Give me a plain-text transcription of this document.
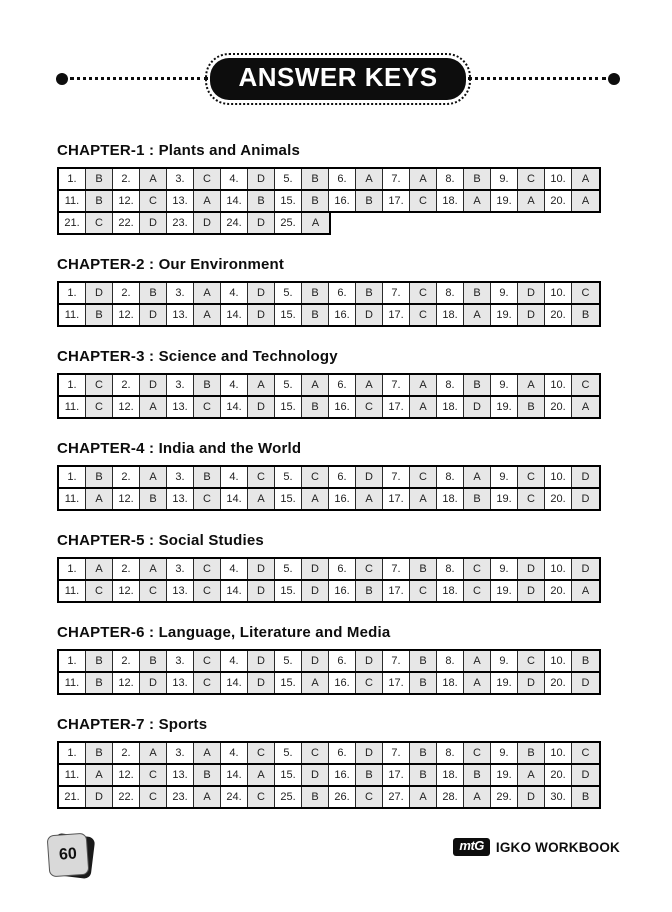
ANSWER KEYS
CHAPTER-1 : Plants and Animals
1.	B	2.	A	3.	C	4.	D	5.	B	6.	A	7.	A	8.	B	9.	C	10.	A
11.	B	12.	C	13.	A	14.	B	15.	B	16.	B	17.	C	18.	A	19.	A	20.	A
21.	C	22.	D	23.	D	24.	D	25.	A
CHAPTER-2 : Our Environment
1.	D	2.	B	3.	A	4.	D	5.	B	6.	B	7.	C	8.	B	9.	D	10.	C
11.	B	12.	D	13.	A	14.	D	15.	B	16.	D	17.	C	18.	A	19.	D	20.	B
CHAPTER-3 : Science and Technology
1.	C	2.	D	3.	B	4.	A	5.	A	6.	A	7.	A	8.	B	9.	A	10.	C
11.	C	12.	A	13.	C	14.	D	15.	B	16.	C	17.	A	18.	D	19.	B	20.	A
CHAPTER-4 : India and the World
1.	B	2.	A	3.	B	4.	C	5.	C	6.	D	7.	C	8.	A	9.	C	10.	D
11.	A	12.	B	13.	C	14.	A	15.	A	16.	A	17.	A	18.	B	19.	C	20.	D
CHAPTER-5 : Social Studies
1.	A	2.	A	3.	C	4.	D	5.	D	6.	C	7.	B	8.	C	9.	D	10.	D
11.	C	12.	C	13.	C	14.	D	15.	D	16.	B	17.	C	18.	C	19.	D	20.	A
CHAPTER-6 : Language, Literature and Media
1.	B	2.	B	3.	C	4.	D	5.	D	6.	D	7.	B	8.	A	9.	C	10.	B
11.	B	12.	D	13.	C	14.	D	15.	A	16.	C	17.	B	18.	A	19.	D	20.	D
CHAPTER-7 : Sports
1.	B	2.	A	3.	A	4.	C	5.	C	6.	D	7.	B	8.	C	9.	B	10.	C
11.	A	12.	C	13.	B	14.	A	15.	D	16.	B	17.	B	18.	B	19.	A	20.	D
21.	D	22.	C	23.	A	24.	C	25.	B	26.	C	27.	A	28.	A	29.	D	30.	B
60	mtG IGKO WORKBOOK
